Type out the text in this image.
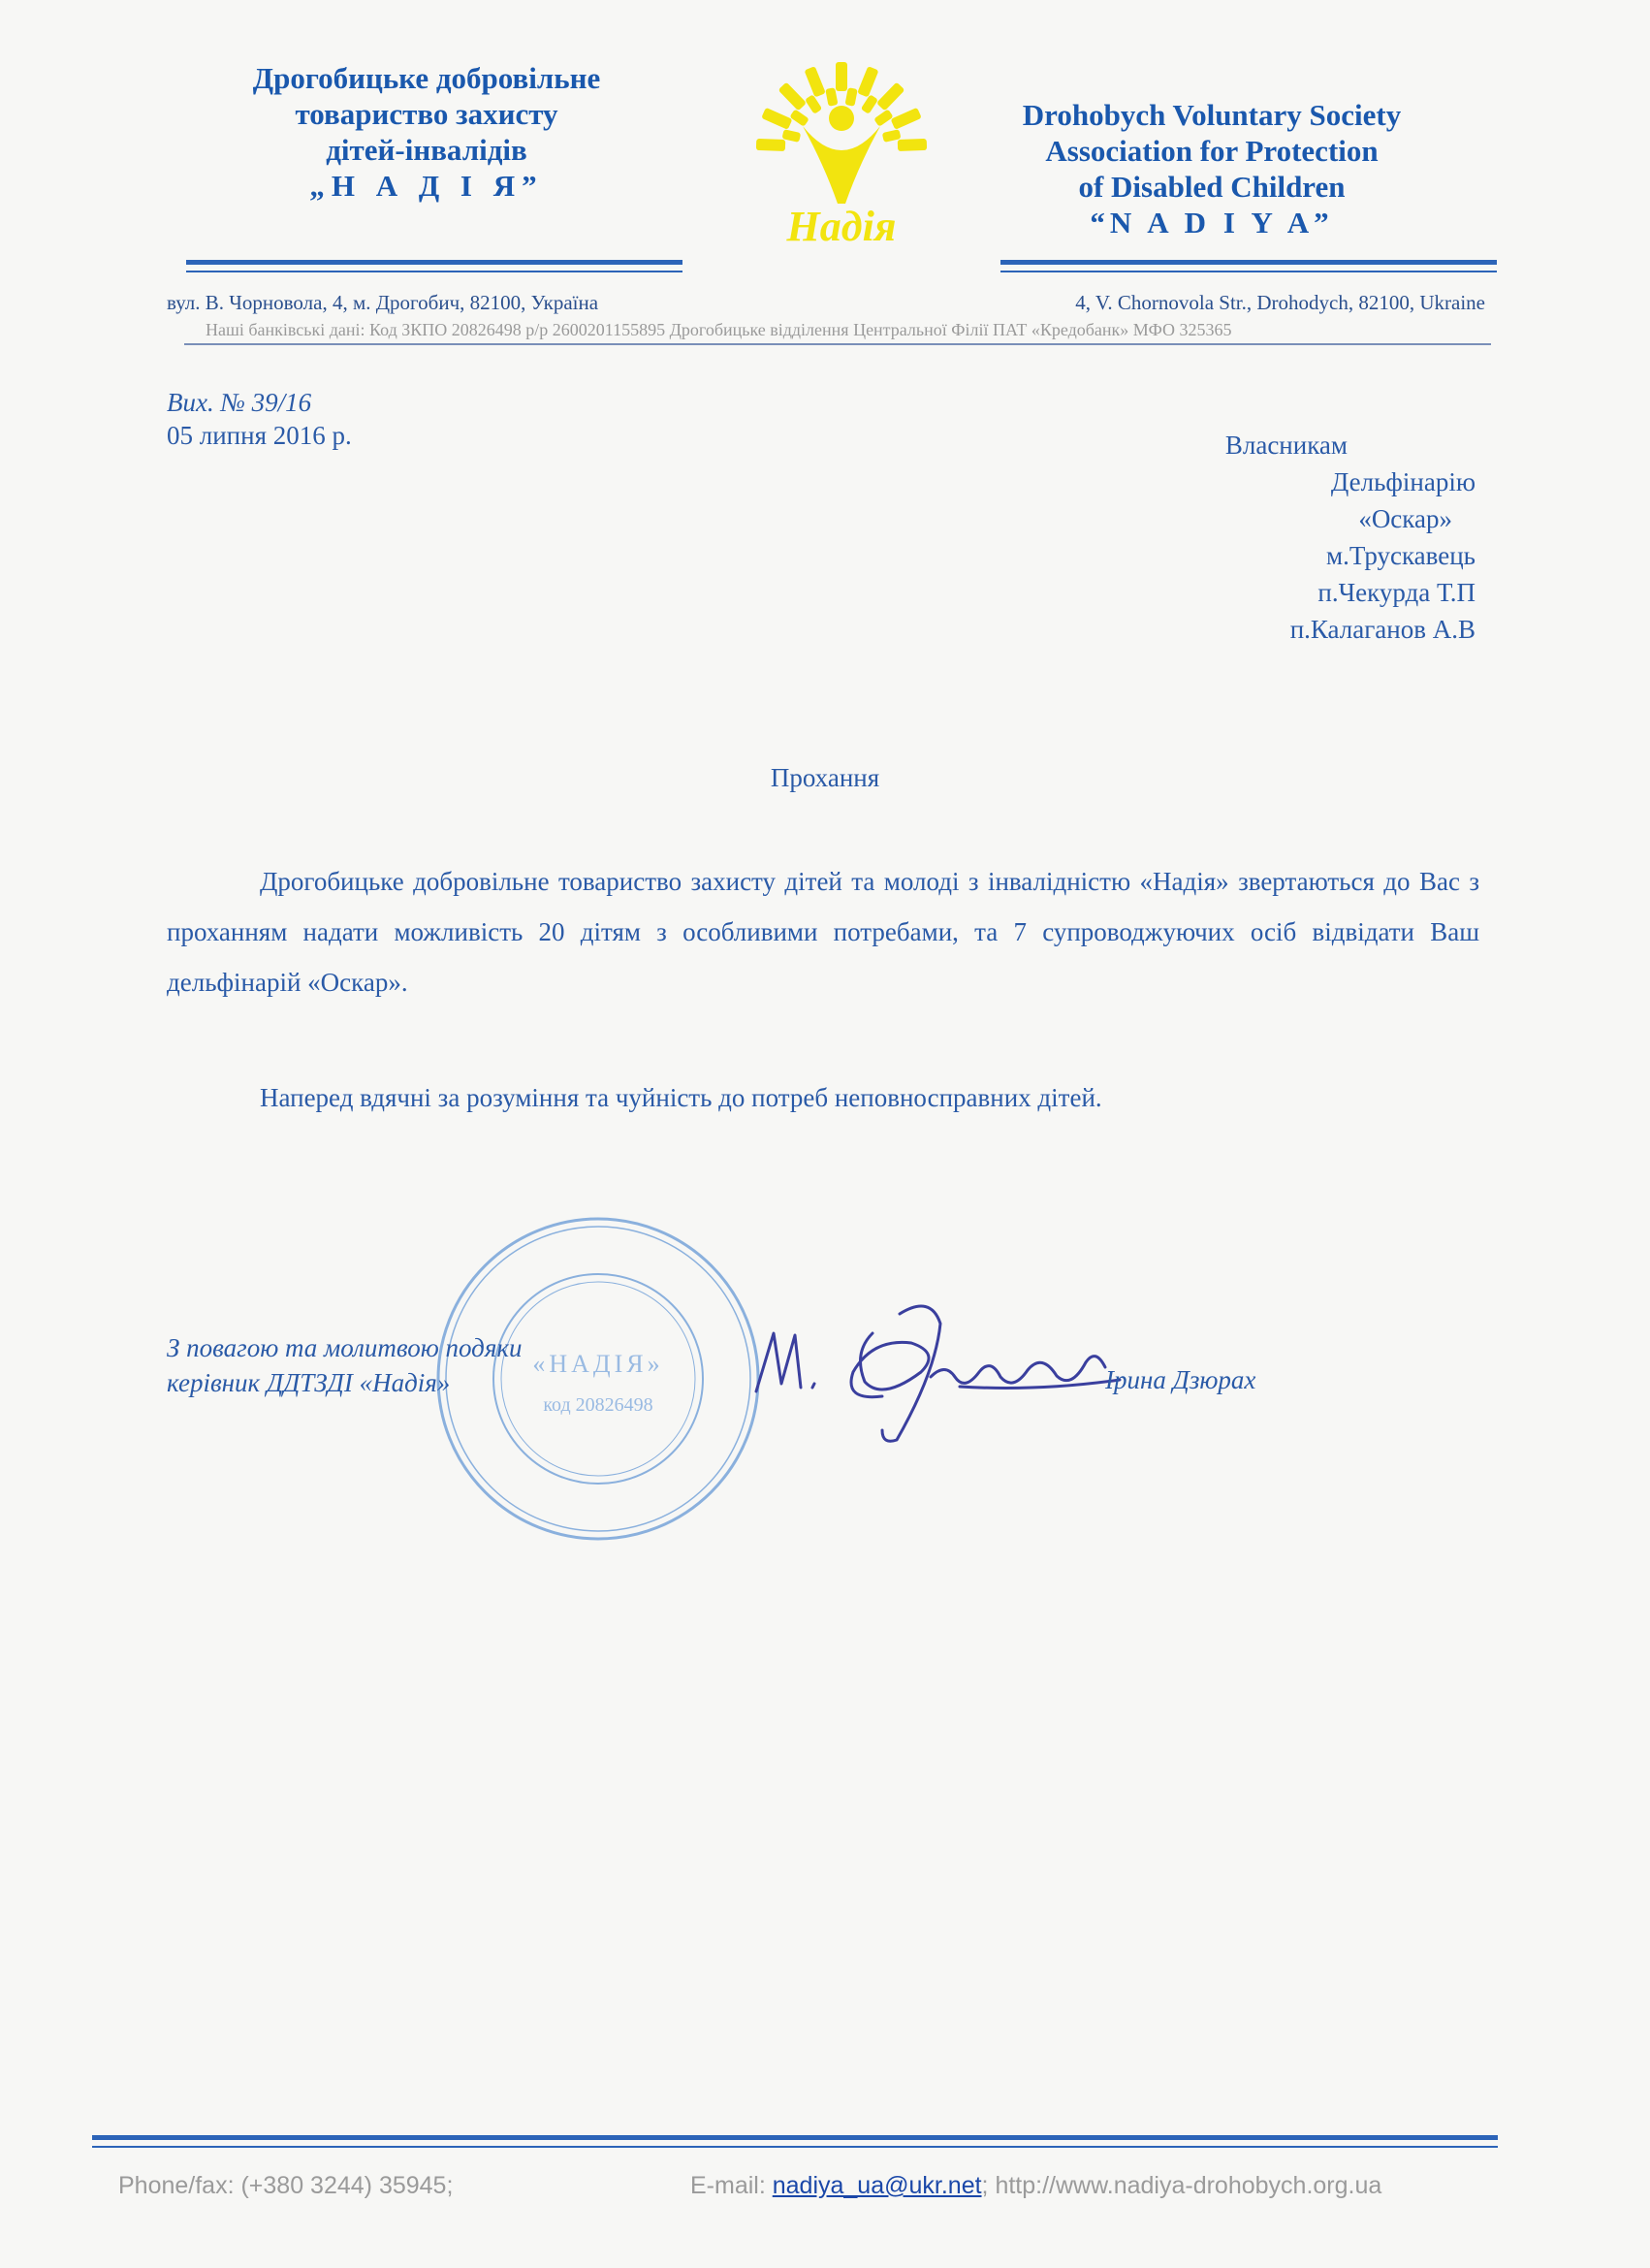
Дрогобицьке добровільне
товариство захисту
дітей-інвалідів
„Н А Д І Я”
Надія
Drohobych Voluntary Society
Association for Protection
of Disabled Children
“N A D I Y A”
вул. В. Чорновола, 4, м. Дрогобич, 82100, Україна	4, V. Chornovola Str., Drohodych, 82100, Ukraine
Наші банківські дані: Код ЗКПО 20826498 р/р 2600201155895 Дрогобицьке відділення Центральної Філії ПАТ «Кредобанк» МФО 325365
Вих. № 39/16
05 липня 2016 р.	Власникам
Дельфінарію
«Оскар»
м.Трускавець
п.Чекурда Т.П
п.Калаганов А.В
Прохання
Дрогобицьке добровільне товариство захисту дітей та молоді з інвалідністю «Надія» звертаються до Вас з проханням надати можливість 20 дітям з особливими потребами, та 7 супроводжуючих осіб відвідати Ваш дельфінарій «Оскар».
Наперед вдячні за розуміння та чуйність до потреб неповносправних дітей.
«НАДІЯ»
код 20826498
З повагою та молитвою подяки
керівник ДДТЗДІ «Надія»	Ірина Дзюрах
Phone/fax: (+380 3244) 35945;	E-mail: nadiya_ua@ukr.net; http://www.nadiya-drohobych.org.ua
